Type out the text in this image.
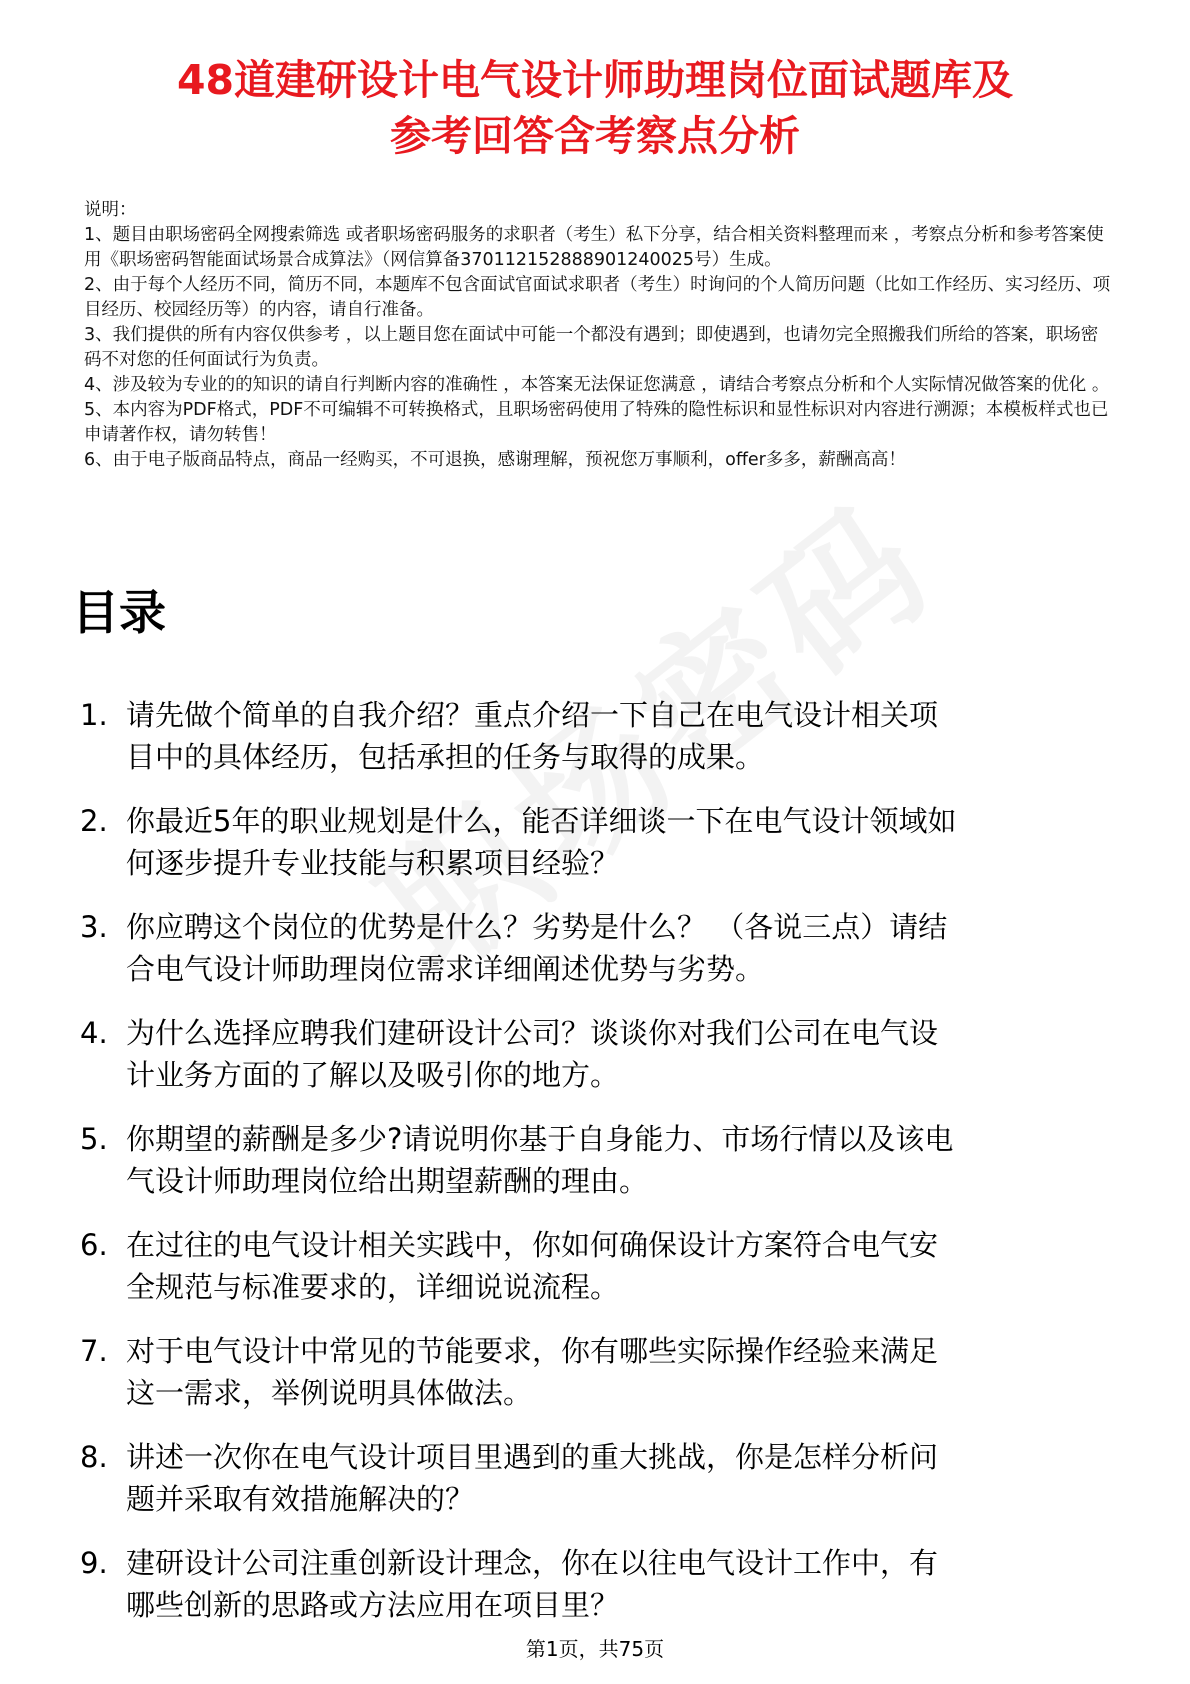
48道建研设计电气设计师助理岗位面试题库及
参考回答含考察点分析

说明：

1、题目由职场密码全网搜索筛选 或者职场密码服务的求职者（考生）私下分享，结合相关资料整理而来 ，考察点分析和参考答案使用《职场密码智能面试场景合成算法》（网信算备370112152888901240025号）生成。

2、由于每个人经历不同，简历不同，本题库不包含面试官面试求职者（考生）时询问的个人简历问题（比如工作经历、实习经历、项目经历、校园经历等）的内容，请自行准备。

3、我们提供的所有内容仅供参考 ，以上题目您在面试中可能一个都没有遇到；即使遇到，也请勿完全照搬我们所给的答案，职场密码不对您的任何面试行为负责。

4、涉及较为专业的的知识的请自行判断内容的准确性 ，本答案无法保证您满意 ，请结合考察点分析和个人实际情况做答案的优化 。

5、本内容为PDF格式，PDF不可编辑不可转换格式，且职场密码使用了特殊的隐性标识和显性标识对内容进行溯源；本模板样式也已申请著作权，请勿转售！

6、由于电子版商品特点，商品一经购买，不可退换，感谢理解，预祝您万事顺利，offer多多，薪酬高高！

目录
1. 请先做个简单的自我介绍？重点介绍一下自己在电气设计相关项
目中的具体经历，包括承担的任务与取得的成果。
2. 你最近5年的职业规划是什么，能否详细谈一下在电气设计领域如
何逐步提升专业技能与积累项目经验？
3. 你应聘这个岗位的优势是什么？劣势是什么？ （各说三点）请结
合电气设计师助理岗位需求详细阐述优势与劣势。
4. 为什么选择应聘我们建研设计公司？谈谈你对我们公司在电气设
计业务方面的了解以及吸引你的地方。
5. 你期望的薪酬是多少?请说明你基于自身能力、市场行情以及该电
气设计师助理岗位给出期望薪酬的理由。
6. 在过往的电气设计相关实践中，你如何确保设计方案符合电气安
全规范与标准要求的，详细说说流程。
7. 对于电气设计中常见的节能要求，你有哪些实际操作经验来满足
这一需求，举例说明具体做法。
8. 讲述一次你在电气设计项目里遇到的重大挑战，你是怎样分析问
题并采取有效措施解决的？
9. 建研设计公司注重创新设计理念，你在以往电气设计工作中，有
哪些创新的思路或方法应用在项目里？
第1页，共75页
